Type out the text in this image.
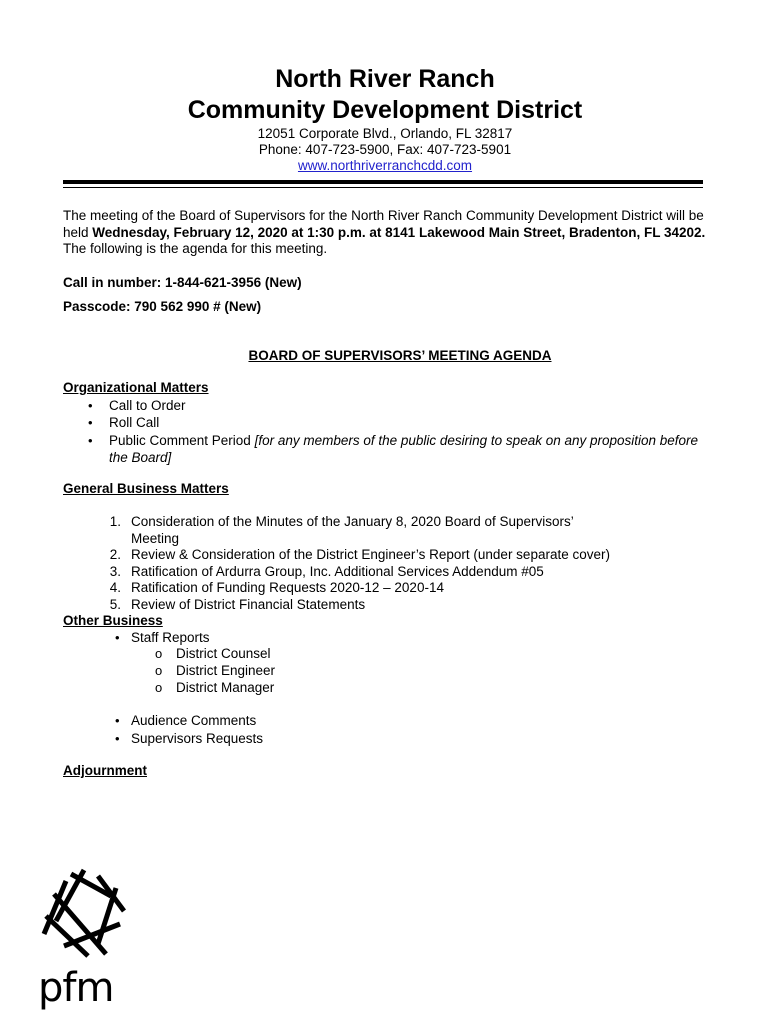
North River Ranch
Community Development District
12051 Corporate Blvd., Orlando, FL 32817
Phone: 407-723-5900, Fax: 407-723-5901
www.northriverranchcdd.com
The meeting of the Board of Supervisors for the North River Ranch Community Development District will be held Wednesday, February 12, 2020 at 1:30 p.m. at 8141 Lakewood Main Street, Bradenton, FL 34202. The following is the agenda for this meeting.
Call in number: 1-844-621-3956 (New)
Passcode: 790 562 990 # (New)
BOARD OF SUPERVISORS’ MEETING AGENDA
Organizational Matters
• Call to Order
• Roll Call
• Public Comment Period [for any members of the public desiring to speak on any proposition before
the Board]
General Business Matters
1. Consideration of the Minutes of the January 8, 2020 Board of Supervisors’
Meeting
2. Review & Consideration of the District Engineer’s Report (under separate cover)
3. Ratification of Ardurra Group, Inc. Additional Services Addendum #05
4. Ratification of Funding Requests 2020-12 – 2020-14
5. Review of District Financial Statements
Other Business
• Staff Reports
o District Counsel
o District Engineer
o District Manager
• Audience Comments
• Supervisors Requests
Adjournment
pfm
